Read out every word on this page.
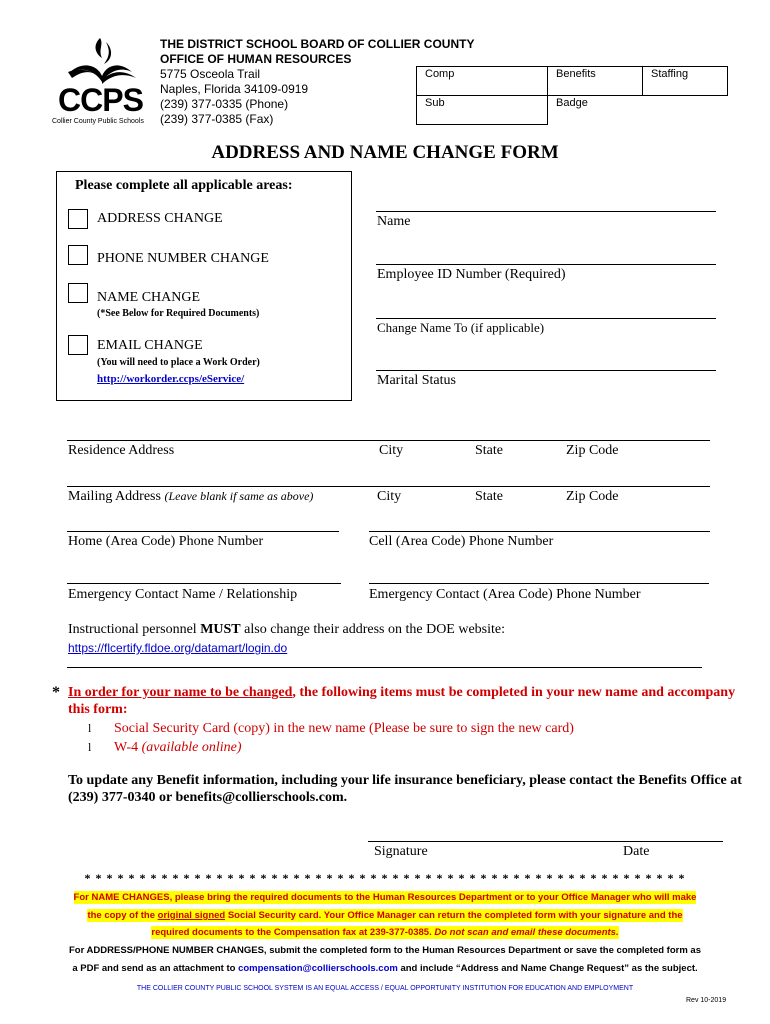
CCPS
Collier County Public Schools
THE DISTRICT SCHOOL BOARD OF COLLIER COUNTY
OFFICE OF HUMAN RESOURCES
5775 Osceola Trail
Naples, Florida 34109-0919
(239) 377-0335 (Phone)
(239) 377-0385 (Fax)
Comp	Benefits	Staffing
Sub	Badge	
ADDRESS AND NAME CHANGE FORM
Please complete all applicable areas:
ADDRESS CHANGE
PHONE NUMBER CHANGE
NAME CHANGE
(*See Below for Required Documents)
EMAIL CHANGE
(You will need to place a Work Order)
http://workorder.ccps/eService/
Name
Employee ID Number (Required)
Change Name To (if applicable)
Marital Status
Residence Address	City	State	Zip Code
Mailing Address (Leave blank if same as above)	City	State	Zip Code
Home (Area Code) Phone Number	Cell (Area Code) Phone Number
Emergency Contact Name / Relationship	Emergency Contact (Area Code) Phone Number
Instructional personnel MUST also change their address on the DOE website:
https://flcertify.fldoe.org/datamart/login.do
* In order for your name to be changed, the following items must be completed in your new name and accompany this form:
l Social Security Card (copy) in the new name (Please be sure to sign the new card)
l W-4 (available online)
To update any Benefit information, including your life insurance beneficiary, please contact the Benefits Office at (239) 377-0340 or benefits@collierschools.com.
Signature	Date
* * * * * * * * * * * * * * * * * * * * * * * * * * * * * * * * * * * * * * * * * * * * * * * * * * * * * * *
For NAME CHANGES, please bring the required documents to the Human Resources Department or to your Office Manager who will make
the copy of the original signed Social Security card. Your Office Manager can return the completed form with your signature and the
required documents to the Compensation fax at 239-377-0385. Do not scan and email these documents.
For ADDRESS/PHONE NUMBER CHANGES, submit the completed form to the Human Resources Department or save the completed form as
a PDF and send as an attachment to compensation@collierschools.com and include “Address and Name Change Request” as the subject.
THE COLLIER COUNTY PUBLIC SCHOOL SYSTEM IS AN EQUAL ACCESS / EQUAL OPPORTUNITY INSTITUTION FOR EDUCATION AND EMPLOYMENT
Rev 10-2019
